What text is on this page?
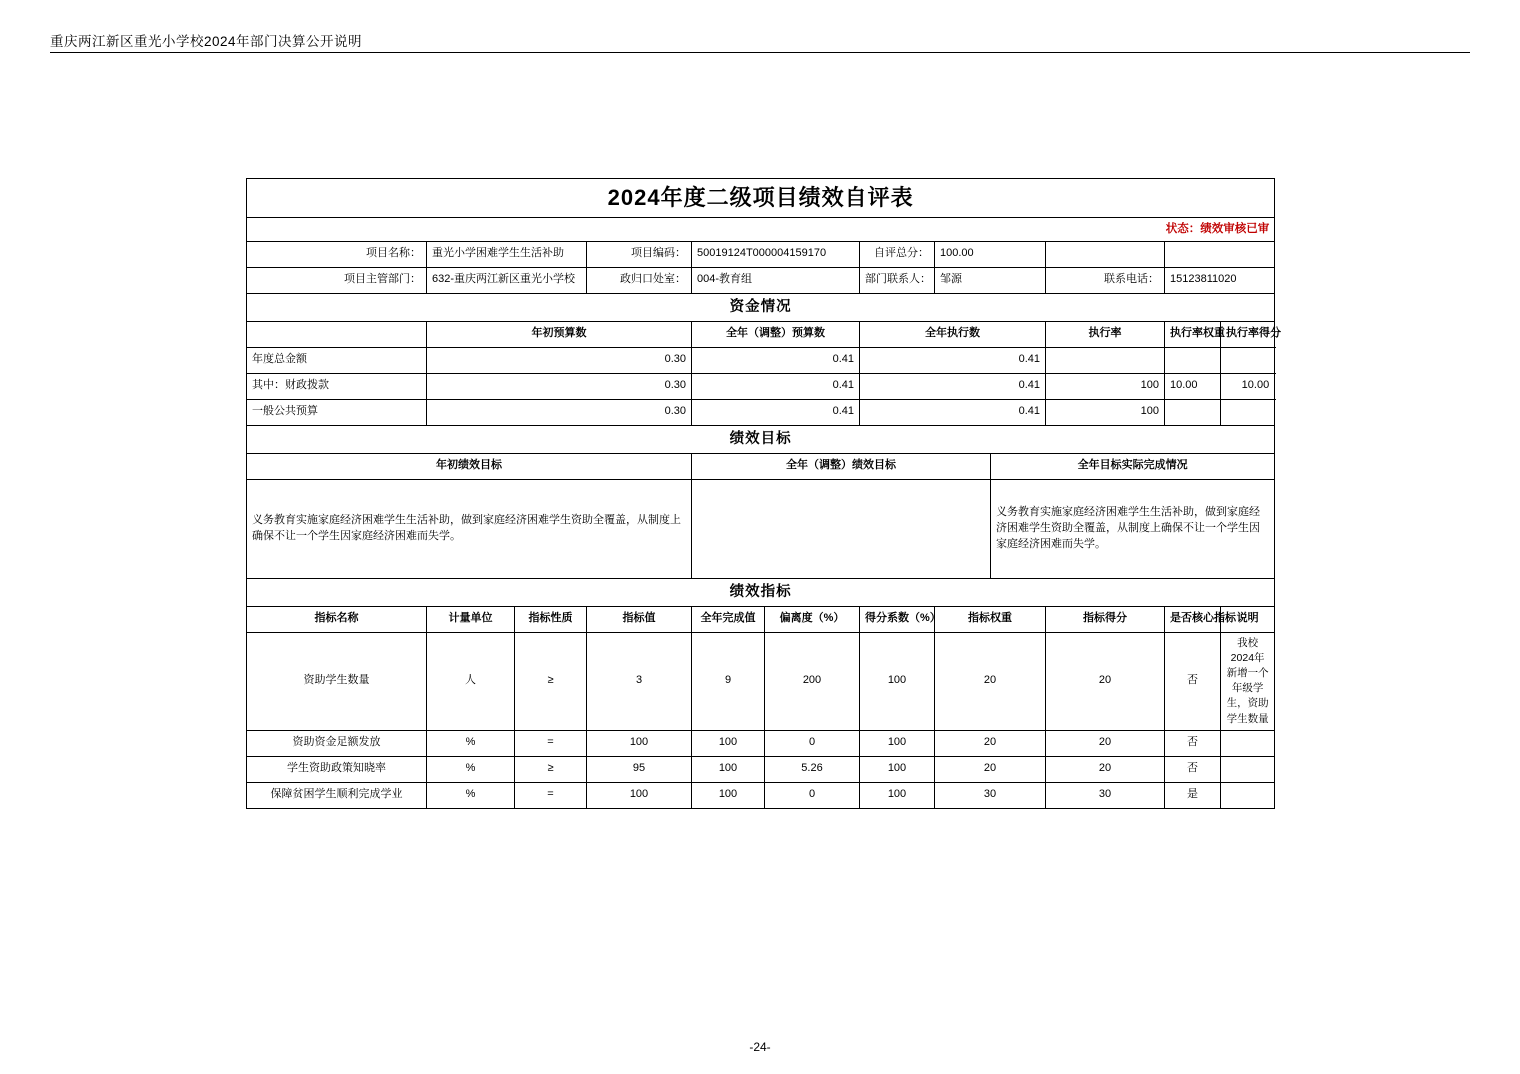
重庆两江新区重光小学校2024年部门决算公开说明
2024年度二级项目绩效自评表											
状态：绩效审核已审											
项目名称：	重光小学困难学生生活补助		项目编码：	50019124T000004159170		自评总分：	100.00				
项目主管部门：	632-重庆两江新区重光小学校		政归口处室：	004-教育组		部门联系人：	邹源		联系电话：	15123811020	
资金情况											
	年初预算数			全年（调整）预算数		全年执行数			执行率	执行率权重	执行率得分
年度总金额	0.30			0.41		0.41					
其中：财政拨款	0.30			0.41		0.41			100	10.00	10.00
一般公共预算	0.30			0.41		0.41			100		
绩效目标											
年初绩效目标				全年（调整）绩效目标				全年目标实际完成情况			
义务教育实施家庭经济困难学生生活补助，做到家庭经济困难学生资助全覆盖，从制度上确保不让一个学生因家庭经济困难而失学。								义务教育实施家庭经济困难学生生活补助，做到家庭经济困难学生资助全覆盖，从制度上确保不让一个学生因家庭经济困难而失学。			
绩效指标											
指标名称	计量单位	指标性质	指标值	全年完成值	偏离度（%）	得分系数（%）	指标权重		指标得分	是否核心指标	说明
资助学生数量	人	≥	3	9	200	100	20		20	否	我校2024年新增一个年级学生，资助学生数量
资助资金足额发放	%	=	100	100	0	100	20		20	否	
学生资助政策知晓率	%	≥	95	100	5.26	100	20		20	否	
保障贫困学生顺利完成学业	%	=	100	100	0	100	30		30	是	
-24-
